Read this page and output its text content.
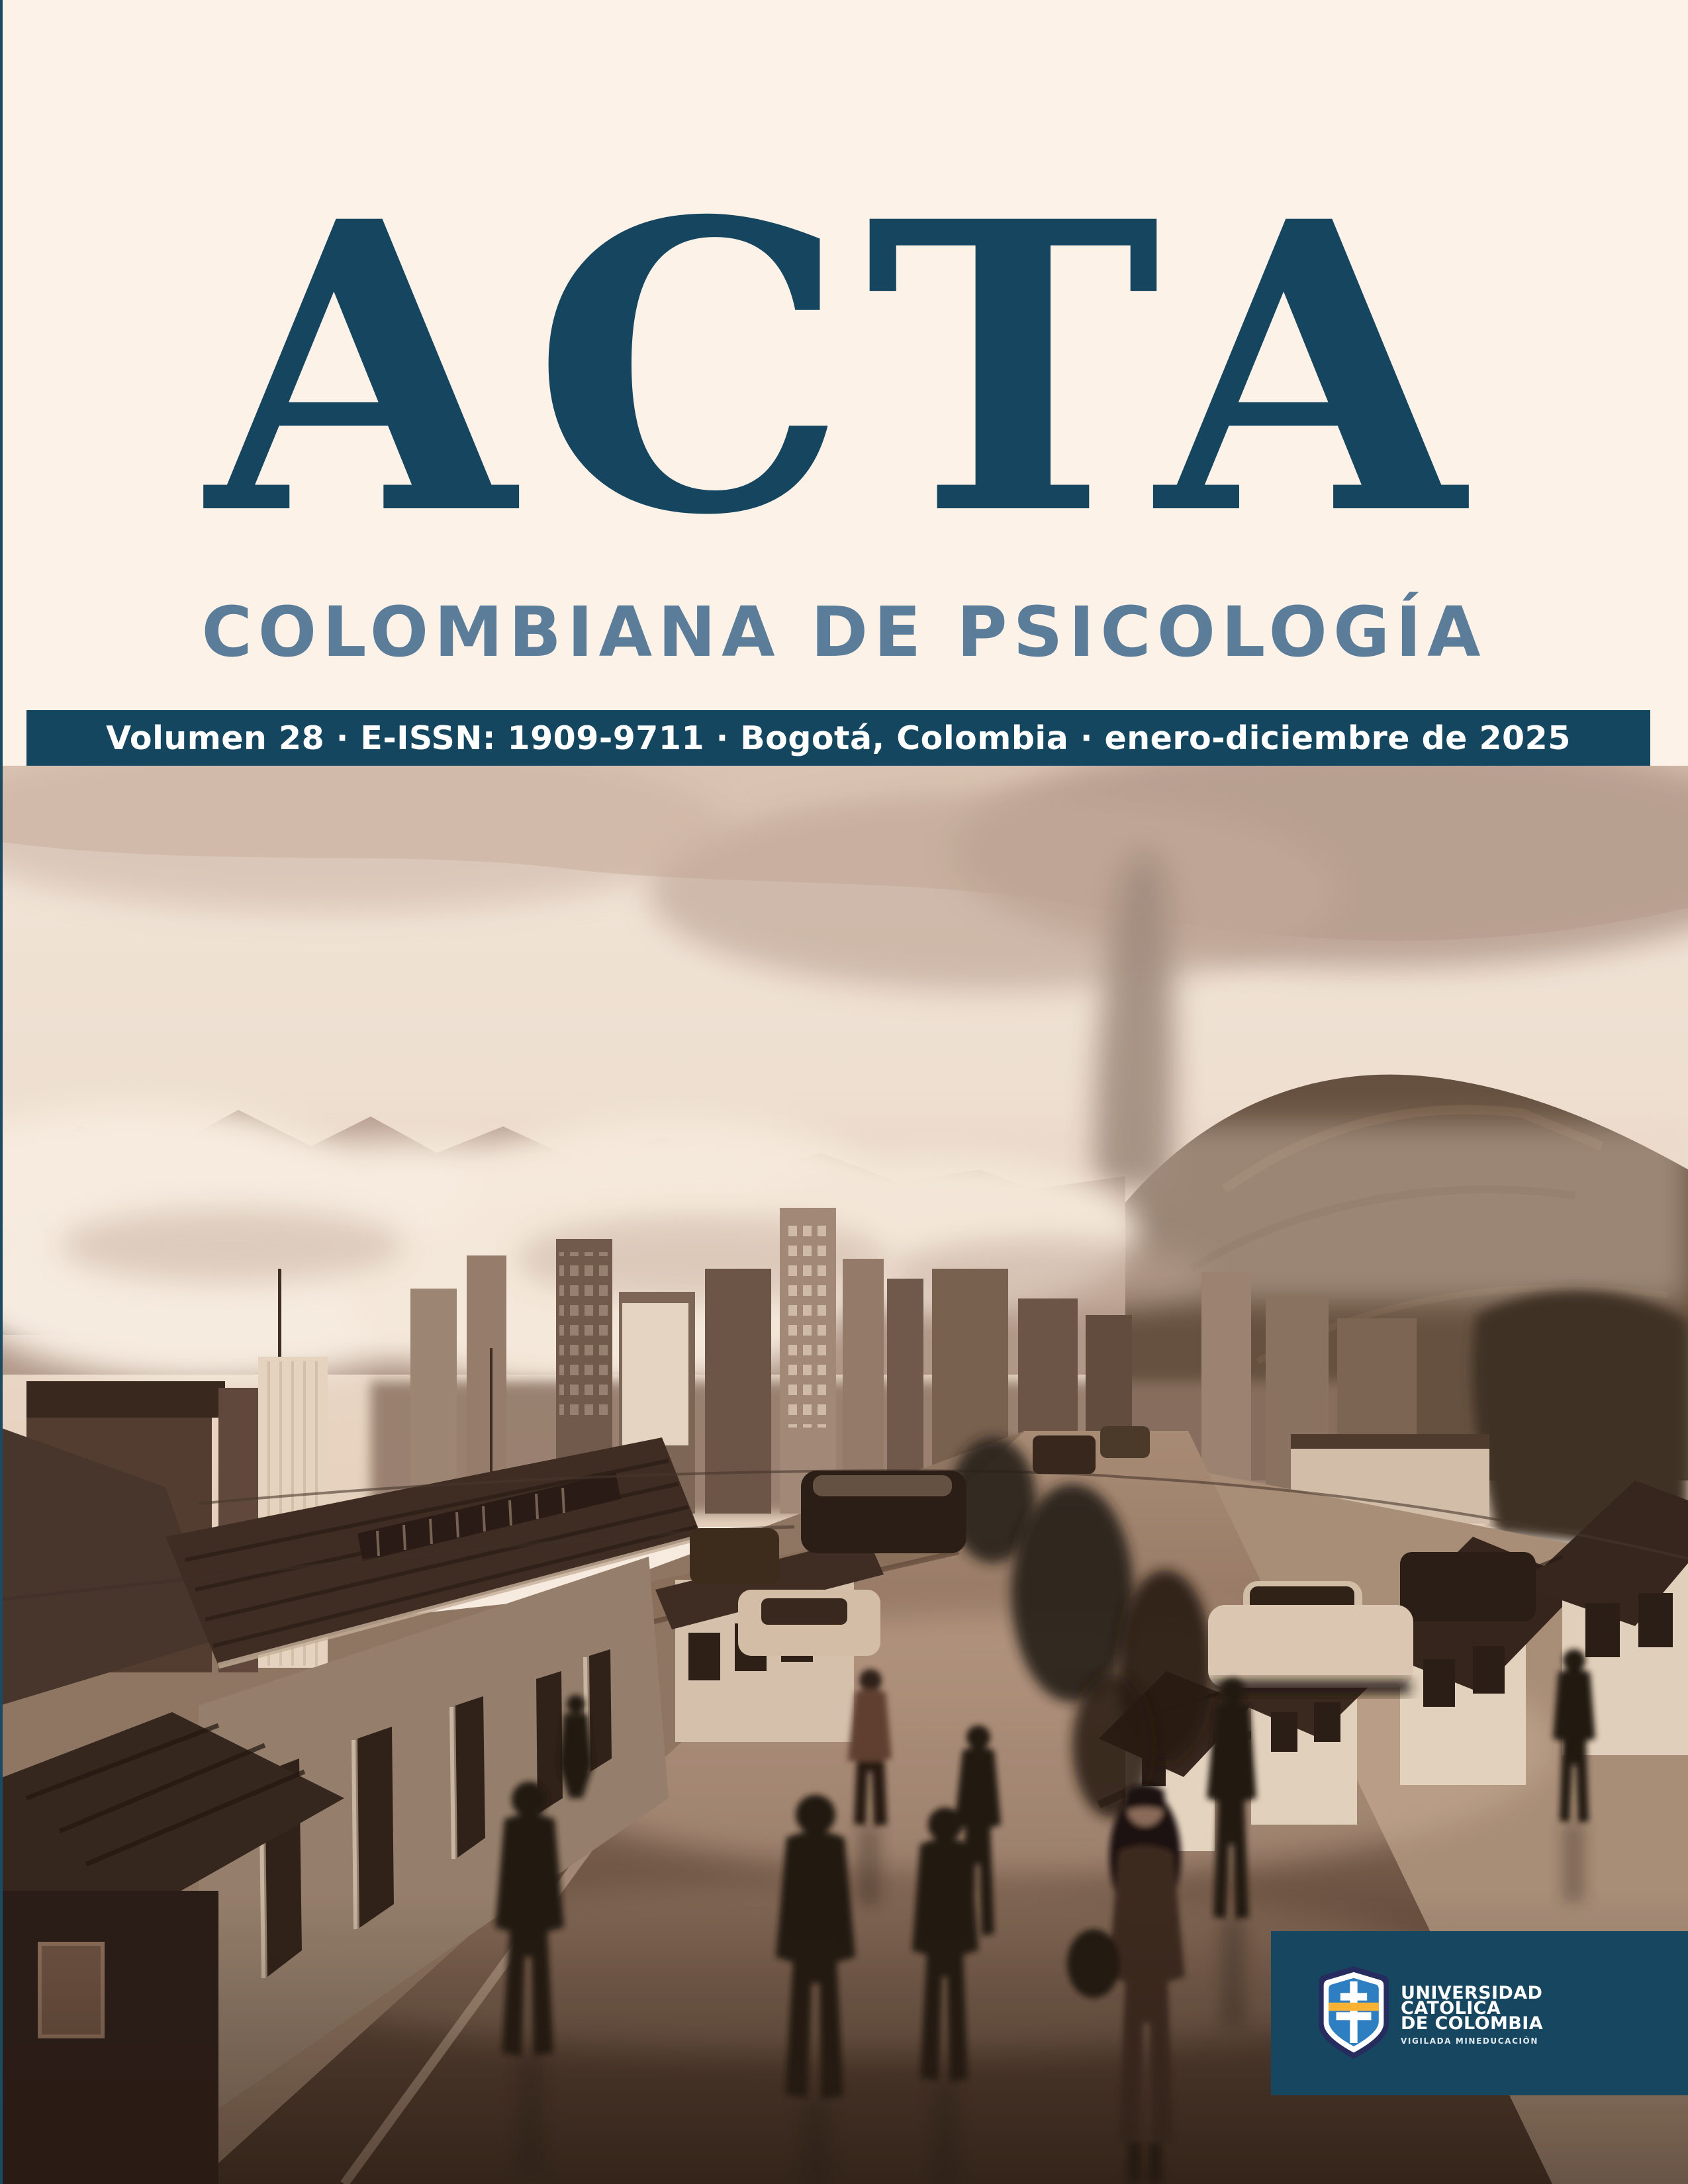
ACTA
COLOMBIANA DE PSICOLOGÍA
Volumen 28 · E-ISSN: 1909-9711 · Bogotá, Colombia · enero-diciembre de 2025
UNIVERSIDAD
CATÓLICA
DE COLOMBIA
VIGILADA MINEDUCACIÓN
